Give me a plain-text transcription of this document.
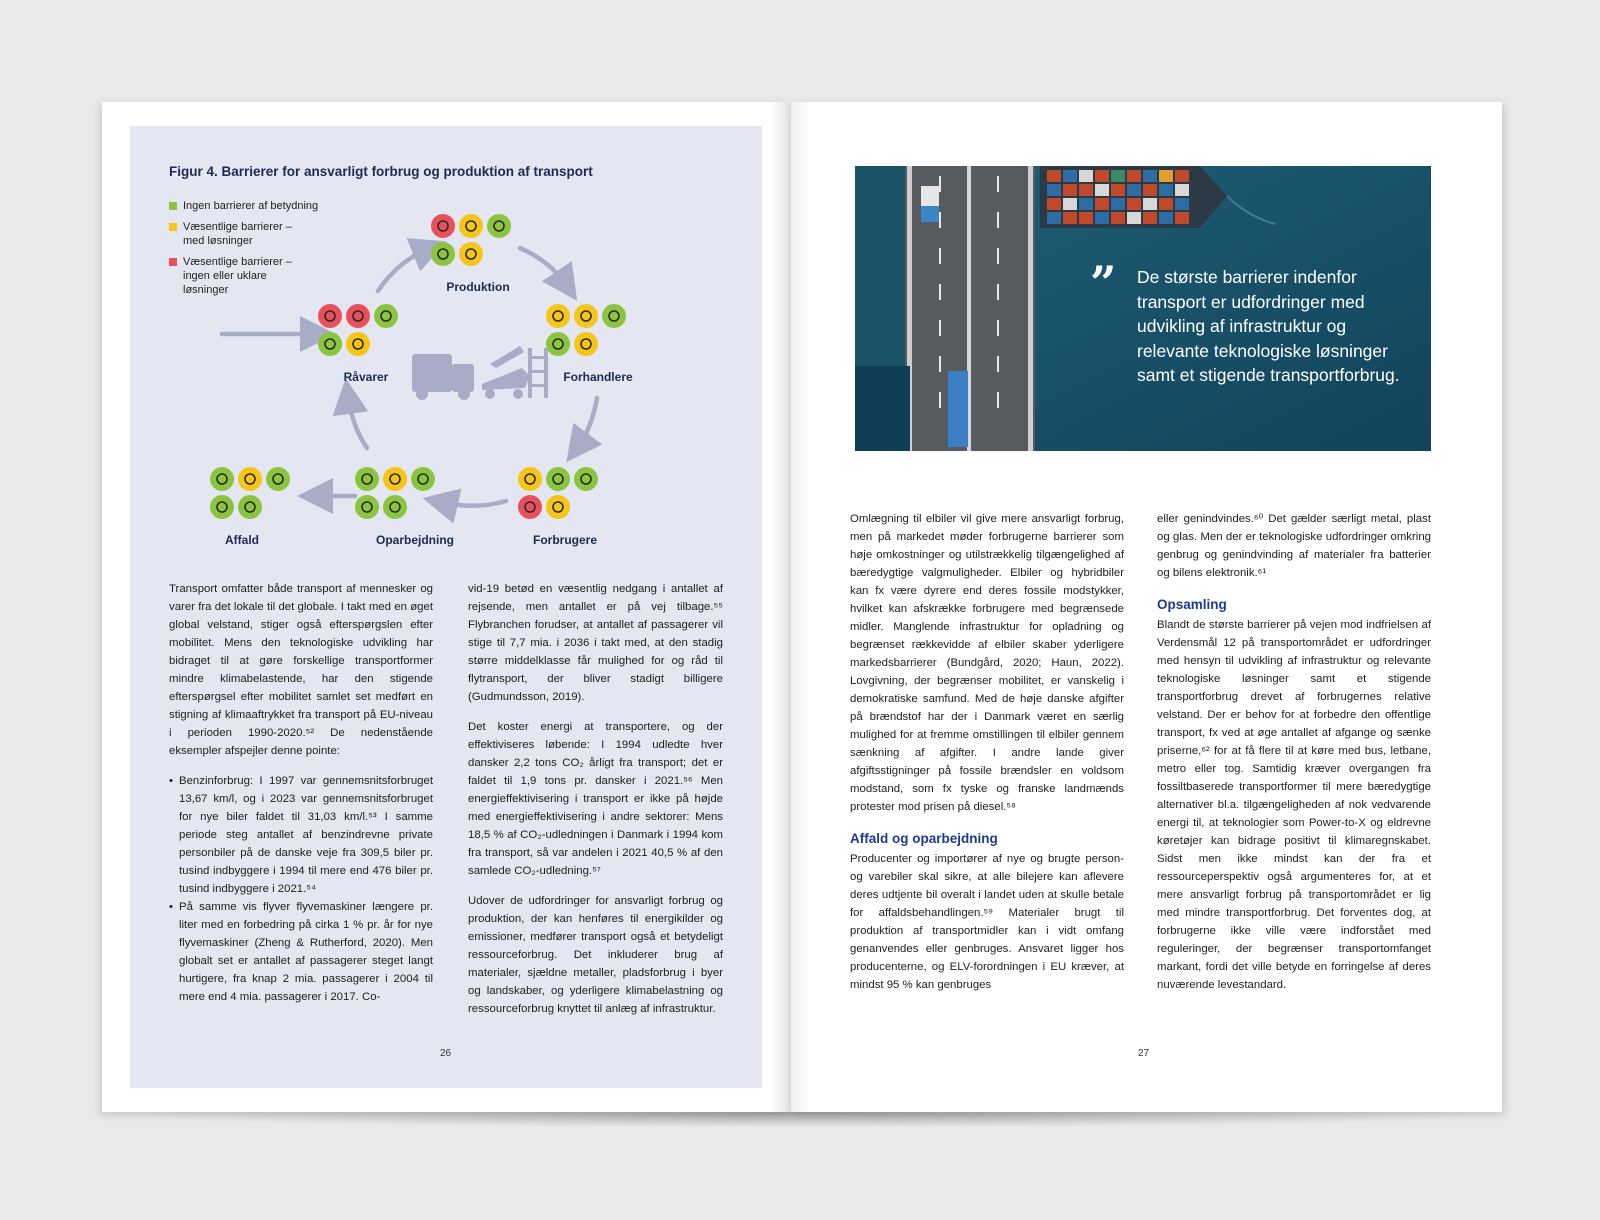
Figur 4. Barrierer for ansvarligt forbrug og produktion af transport
Ingen barrierer af betydning
Væsentlige barrierer – med løsninger
Væsentlige barrierer – ingen eller uklare løsninger
Råvarer
Produktion
Forhandlere
Forbrugere
Oparbejdning
Affald

Transport omfatter både transport af mennesker og varer fra det lokale til det globale. I takt med en øget global velstand, stiger også efterspørgslen efter mobilitet. Mens den teknologiske udvikling har bidraget til at gøre forskellige transportformer mindre klimabelastende, har den stigende efterspørgsel efter mobilitet samlet set medført en stigning af klimaaftrykket fra transport på EU-niveau i perioden 1990-2020.⁵² De nedenstående eksempler afspejler denne pointe:

• Benzinforbrug: I 1997 var gennemsnitsforbruget 13,67 km/l, og i 2023 var gennemsnitsforbruget for nye biler faldet til 31,03 km/l.⁵³ I samme periode steg antallet af benzindrevne private personbiler på de danske veje fra 309,5 biler pr. tusind indbyggere i 1994 til mere end 476 biler pr. tusind indbyggere i 2021.⁵⁴
• På samme vis flyver flyvemaskiner længere pr. liter med en forbedring på cirka 1 % pr. år for nye flyvemaskiner (Zheng & Rutherford, 2020). Men globalt set er antallet af passagerer steget langt hurtigere, fra knap 2 mia. passagerer i 2004 til mere end 4 mia. passagerer i 2017. Co-

vid-19 betød en væsentlig nedgang i antallet af rejsende, men antallet er på vej tilbage.⁵⁵ Flybranchen forudser, at antallet af passagerer vil stige til 7,7 mia. i 2036 i takt med, at den stadig større middelklasse får mulighed for og råd til flytransport, der bliver stadigt billigere (Gudmundsson, 2019).

Det koster energi at transportere, og der effektiviseres løbende: I 1994 udledte hver dansker 2,2 tons CO₂ årligt fra transport; det er faldet til 1,9 tons pr. dansker i 2021.⁵⁶ Men energieffektivisering i transport er ikke på højde med energieffektivisering i andre sektorer: Mens 18,5 % af CO₂-udledningen i Danmark i 1994 kom fra transport, så var andelen i 2021 40,5 % af den samlede CO₂-udledning.⁵⁷

Udover de udfordringer for ansvarligt forbrug og produktion, der kan henføres til energikilder og emissioner, medfører transport også et betydeligt ressourceforbrug. Det inkluderer brug af materialer, sjældne metaller, pladsforbrug i byer og landskaber, og yderligere klimabelastning og ressourceforbrug knyttet til anlæg af infrastruktur.

26
” De største barrierer indenfor transport er udfordringer med udvikling af infrastruktur og relevante teknologiske løsninger samt et stigende transportforbrug.

Omlægning til elbiler vil give mere ansvarligt forbrug, men på markedet møder forbrugerne barrierer som høje omkostninger og utilstrækkelig tilgængelighed af bæredygtige valgmuligheder. Elbiler og hybridbiler kan fx være dyrere end deres fossile modstykker, hvilket kan afskrække forbrugere med begrænsede midler. Manglende infrastruktur for opladning og begrænset rækkevidde af elbiler skaber yderligere markedsbarrierer (Bundgård, 2020; Haun, 2022). Lovgivning, der begrænser mobilitet, er vanskelig i demokratiske samfund. Med de høje danske afgifter på brændstof har der i Danmark været en særlig mulighed for at fremme omstillingen til elbiler gennem sænkning af afgifter. I andre lande giver afgiftsstigninger på fossile brændsler en voldsom modstand, som fx tyske og franske landmænds protester mod prisen på diesel.⁵⁸

Affald og oparbejdning

Producenter og importører af nye og brugte person- og varebiler skal sikre, at alle bilejere kan aflevere deres udtjente bil overalt i landet uden at skulle betale for affaldsbehandlingen.⁵⁹ Materialer brugt til produktion af transportmidler kan i vidt omfang genanvendes eller genbruges. Ansvaret ligger hos producenterne, og ELV-forordningen i EU kræver, at mindst 95 % kan genbruges

eller genindvindes.⁶⁰ Det gælder særligt metal, plast og glas. Men der er teknologiske udfordringer omkring genbrug og genindvinding af materialer fra batterier og bilens elektronik.⁶¹

Opsamling

Blandt de største barrierer på vejen mod indfrielsen af Verdensmål 12 på transportområdet er udfordringer med hensyn til udvikling af infrastruktur og relevante teknologiske løsninger samt et stigende transportforbrug drevet af forbrugernes relative velstand. Der er behov for at forbedre den offentlige transport, fx ved at øge antallet af afgange og sænke priserne,⁶² for at få flere til at køre med bus, letbane, metro eller tog. Samtidig kræver overgangen fra fossiltbaserede transportformer til mere bæredygtige alternativer bl.a. tilgængeligheden af nok vedvarende energi til, at teknologier som Power-to-X og eldrevne køretøjer kan bidrage positivt til klimaregnskabet. Sidst men ikke mindst kan der fra et ressourceperspektiv også argumenteres for, at et mere ansvarligt forbrug på transportområdet er lig med mindre transportforbrug. Det forventes dog, at forbrugerne ikke ville være indforstået med reguleringer, der begrænser transportomfanget markant, fordi det ville betyde en forringelse af deres nuværende levestandard.

27
